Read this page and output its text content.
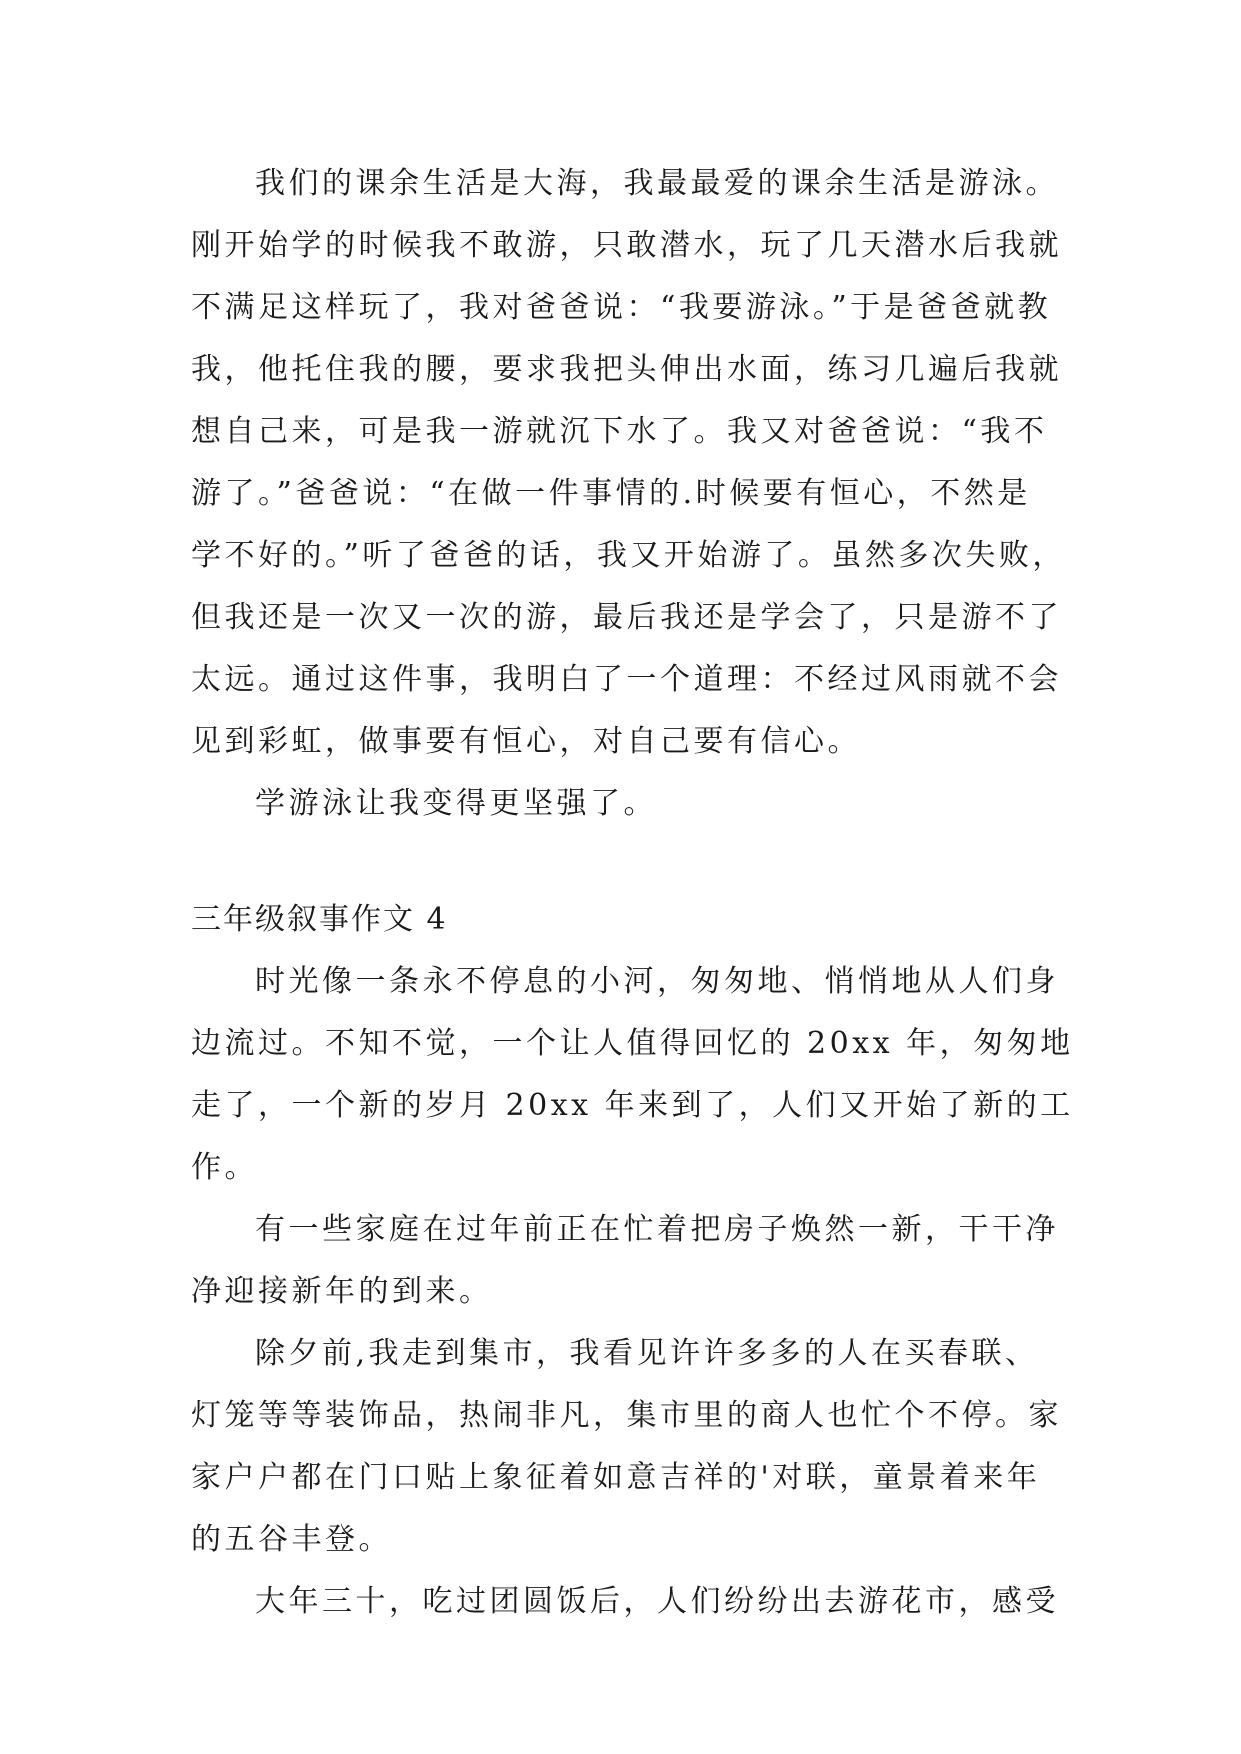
我们的课余生活是大海，我最最爱的课余生活是游泳。
刚开始学的时候我不敢游，只敢潜水，玩了几天潜水后我就
不满足这样玩了，我对爸爸说：“我要游泳。”于是爸爸就教
我，他托住我的腰，要求我把头伸出水面，练习几遍后我就
想自己来，可是我一游就沉下水了。我又对爸爸说：“我不
游了。”爸爸说：“在做一件事情的.时候要有恒心，不然是
学不好的。”听了爸爸的话，我又开始游了。虽然多次失败，
但我还是一次又一次的游，最后我还是学会了，只是游不了
太远。通过这件事，我明白了一个道理：不经过风雨就不会
见到彩虹，做事要有恒心，对自己要有信心。
学游泳让我变得更坚强了。
三年级叙事作文 4
时光像一条永不停息的小河，匆匆地、悄悄地从人们身
边流过。不知不觉，一个让人值得回忆的 20xx 年，匆匆地
走了，一个新的岁月 20xx 年来到了，人们又开始了新的工
作。
有一些家庭在过年前正在忙着把房子焕然一新，干干净
净迎接新年的到来。
除夕前,我走到集市，我看见许许多多的人在买春联、
灯笼等等装饰品，热闹非凡，集市里的商人也忙个不停。家
家户户都在门口贴上象征着如意吉祥的'对联，童景着来年
的五谷丰登。
大年三十，吃过团圆饭后，人们纷纷出去游花市，感受
